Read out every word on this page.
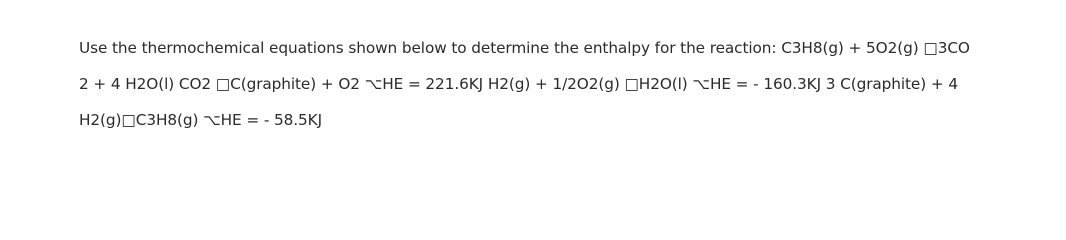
Use the thermochemical equations shown below to determine the enthalpy for the reaction: C3H8(g) + 5O2(g) □3CO
2 + 4 H2O(l) CO2 □C(graphite) + O2 ⌥HE = 221.6KJ H2(g) + 1/2O2(g) □H2O(l) ⌥HE = - 160.3KJ 3 C(graphite) + 4
H2(g)□C3H8(g) ⌥HE = - 58.5KJ
